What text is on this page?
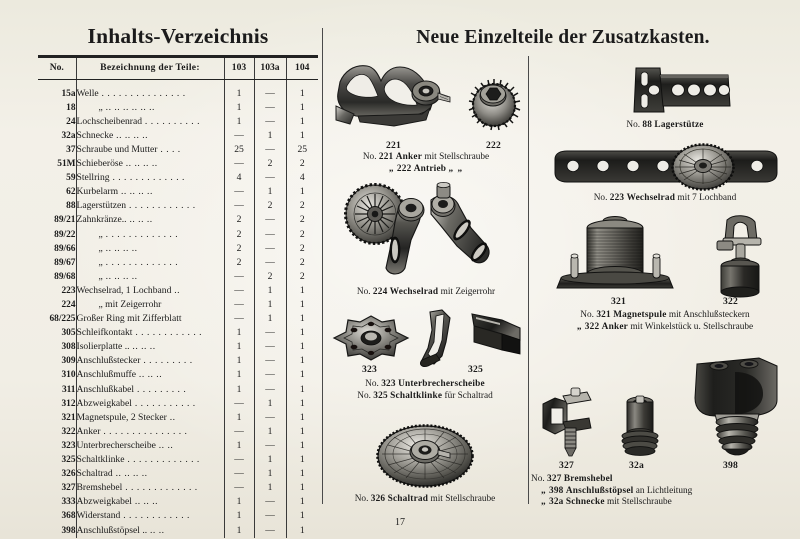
Inhalts-Verzeichnis
No.	Bezeichnung der Teile:	103	103a	104

15a	Welle . . . . . . . . . . . . . . .	1	—	1
18	„ .. .. .. .. .. ..	1	—	1
24	Lochscheibenrad . . . . . . . . . .	1	—	1
32a	Schnecke .. .. .. ..	—	1	1
37	Schraube und Mutter . . . .	25	—	25
51M	Schieberöse .. .. .. ..	—	2	2
59	Stellring . . . . . . . . . . . . .	4	—	4
62	Kurbelarm .. .. .. ..	—	1	1
88	Lagerstützen . . . . . . . . . . . .	—	2	2
89/21	Zahnkränze.. .. .. ..	2	—	2
89/22	„ . . . . . . . . . . . . .	2	—	2
89/66	„ .. .. .. ..	2	—	2
89/67	„ . . . . . . . . . . . . .	2	—	2
89/68	„ .. .. .. ..	—	2	2
223	Wechselrad, 1 Lochband ..	—	1	1
224	„ mit Zeigerrohr	—	1	1
68/225	Großer Ring mit Zifferblatt	—	1	1
305	Schleifkontakt . . . . . . . . . . . .	1	—	1
308	Isolierplatte .. .. .. ..	1	—	1
309	Anschlußstecker . . . . . . . . .	1	—	1
310	Anschlußmuffe .. .. ..	1	—	1
311	Anschlußkabel . . . . . . . . .	1	—	1
312	Abzweigkabel . . . . . . . . . . .	—	1	1
321	Magnetspule, 2 Stecker ..	1	—	1
322	Anker . . . . . . . . . . . . . . .	—	1	1
323	Unterbrecherscheibe .. ..	1	—	1
325	Schaltklinke . . . . . . . . . . . . .	—	1	1
326	Schaltrad .. .. .. ..	—	1	1
327	Bremshebel . . . . . . . . . . . . .	—	1	1
333	Abzweigkabel .. .. ..	1	—	1
368	Widerstand . . . . . . . . . . . .	1	—	1
398	Anschlußstöpsel .. .. ..	1	—	1
Neue Einzelteile der Zusatzkasten.
221	222
No. 221 Anker mit Stellschraube
„ 222 Antrieb „ „
No. 224 Wechselrad mit Zeigerrohr
323	325
No. 323 Unterbrecherscheibe
No. 325 Schaltklinke für Schaltrad
No. 326 Schaltrad mit Stellschraube
No. 88 Lagerstütze
No. 223 Wechselrad mit 7 Lochband
321	322
No. 321 Magnetspule mit Anschlußsteckern
„ 322 Anker mit Winkelstück u. Stellschraube
327	32a	398
No. 327 Bremshebel
„ 398 Anschlußstöpsel an Lichtleitung
„ 32a Schnecke mit Stellschraube
17
